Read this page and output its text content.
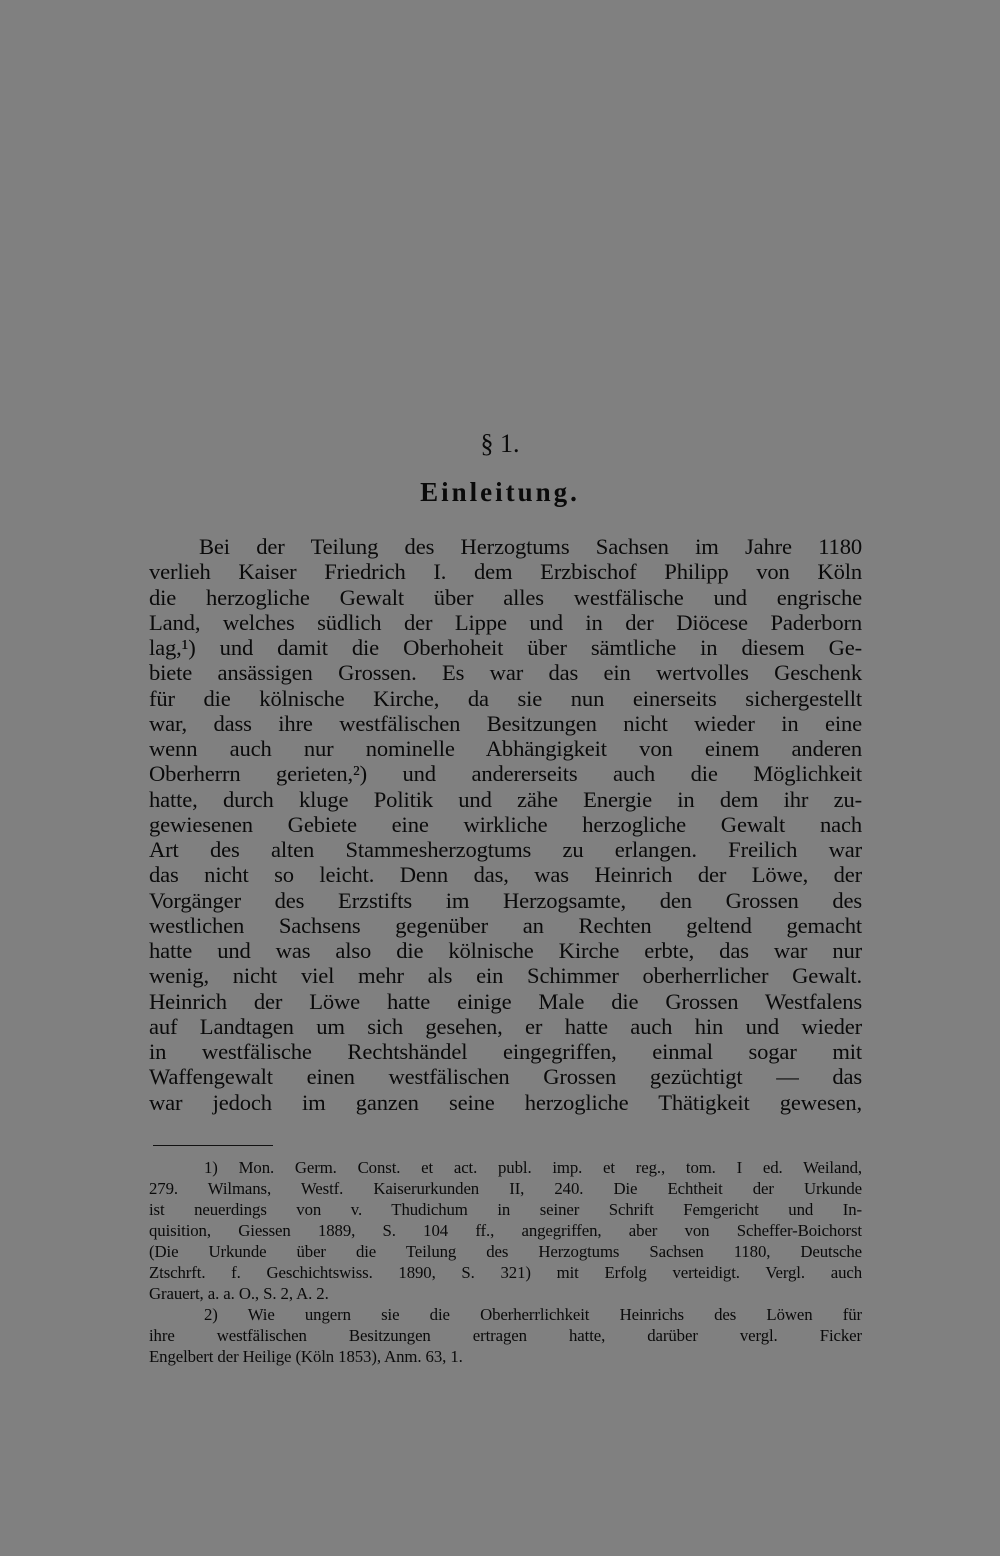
§ 1.
Einleitung.
Bei der Teilung des Herzogtums Sachsen im Jahre 1180
verlieh Kaiser Friedrich I. dem Erzbischof Philipp von Köln
die herzogliche Gewalt über alles westfälische und engrische
Land, welches südlich der Lippe und in der Diöcese Paderborn
lag,¹) und damit die Oberhoheit über sämtliche in diesem Ge-
biete ansässigen Grossen. Es war das ein wertvolles Geschenk
für die kölnische Kirche, da sie nun einerseits sichergestellt
war, dass ihre westfälischen Besitzungen nicht wieder in eine
wenn auch nur nominelle Abhängigkeit von einem anderen
Oberherrn gerieten,²) und andererseits auch die Möglichkeit
hatte, durch kluge Politik und zähe Energie in dem ihr zu-
gewiesenen Gebiete eine wirkliche herzogliche Gewalt nach
Art des alten Stammesherzogtums zu erlangen. Freilich war
das nicht so leicht. Denn das, was Heinrich der Löwe, der
Vorgänger des Erzstifts im Herzogsamte, den Grossen des
westlichen Sachsens gegenüber an Rechten geltend gemacht
hatte und was also die kölnische Kirche erbte, das war nur
wenig, nicht viel mehr als ein Schimmer oberherrlicher Gewalt.
Heinrich der Löwe hatte einige Male die Grossen Westfalens
auf Landtagen um sich gesehen, er hatte auch hin und wieder
in westfälische Rechtshändel eingegriffen, einmal sogar mit
Waffengewalt einen westfälischen Grossen gezüchtigt — das
war jedoch im ganzen seine herzogliche Thätigkeit gewesen,
1) Mon. Germ. Const. et act. publ. imp. et reg., tom. I ed. Weiland,
279. Wilmans, Westf. Kaiserurkunden II, 240. Die Echtheit der Urkunde
ist neuerdings von v. Thudichum in seiner Schrift Femgericht und In-
quisition, Giessen 1889, S. 104 ff., angegriffen, aber von Scheffer-Boichorst
(Die Urkunde über die Teilung des Herzogtums Sachsen 1180, Deutsche
Ztschrft. f. Geschichtswiss. 1890, S. 321) mit Erfolg verteidigt. Vergl. auch
Grauert, a. a. O., S. 2, A. 2.
2) Wie ungern sie die Oberherrlichkeit Heinrichs des Löwen für
ihre westfälischen Besitzungen ertragen hatte, darüber vergl. Ficker
Engelbert der Heilige (Köln 1853), Anm. 63, 1.
